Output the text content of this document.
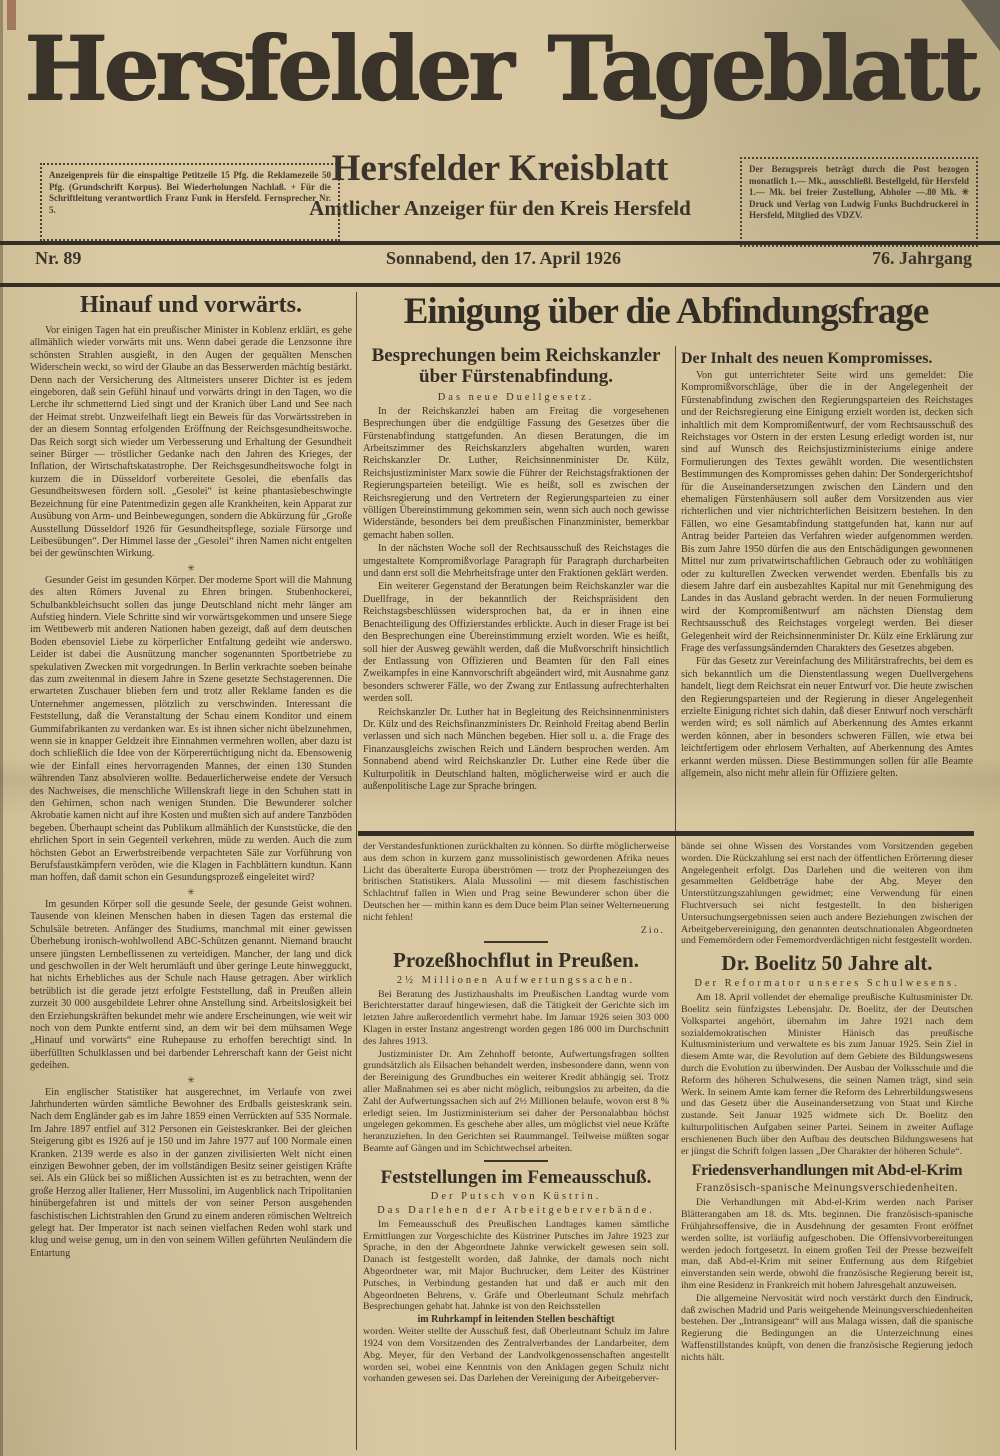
Hersfelder Tageblatt
Anzeigenpreis für die einspaltige Petitzeile 15 Pfg. die Reklamezeile 50 Pfg. (Grundschrift Korpus). Bei Wiederholungen Nachlaß. + Für die Schriftleitung verantwortlich Franz Funk in Hersfeld. Fernsprecher Nr. 5.
Der Bezugspreis beträgt durch die Post bezogen monatlich 1.— Mk., ausschließl. Bestellgeld, für Hersfeld 1.— Mk. bei freier Zustellung, Abholer —.80 Mk. ✳ Druck und Verlag von Ludwig Funks Buchdruckerei in Hersfeld, Mitglied des VDZV.
Hersfelder Kreisblatt
Amtlicher Anzeiger für den Kreis Hersfeld
Nr. 89	Sonnabend, den 17. April 1926	76. Jahrgang
Hinauf und vorwärts.

Vor einigen Tagen hat ein preußischer Minister in Koblenz erklärt, es gehe allmählich wieder vorwärts mit uns. Wenn dabei gerade die Lenzsonne ihre schönsten Strahlen ausgießt, in den Augen der gequälten Menschen Widerschein weckt, so wird der Glaube an das Besserwerden mächtig bestärkt. Denn nach der Versicherung des Altmeisters unserer Dichter ist es jedem eingeboren, daß sein Gefühl hinauf und vorwärts dringt in den Tagen, wo die Lerche ihr schmetternd Lied singt und der Kranich über Land und See nach der Heimat strebt. Unzweifelhaft liegt ein Beweis für das Vorwärtsstreben in der an diesem Sonntag erfolgenden Eröffnung der Reichsgesundheitswoche. Das Reich sorgt sich wieder um Verbesserung und Erhaltung der Gesundheit seiner Bürger — tröstlicher Gedanke nach den Jahren des Krieges, der Inflation, der Wirtschaftskatastrophe. Der Reichsgesundheitswoche folgt in kurzem die in Düsseldorf vorbereitete Gesolei, die ebenfalls das Gesundheitswesen fördern soll. „Gesolei“ ist keine phantasiebeschwingte Bezeichnung für eine Patentmedizin gegen alle Krankheiten, kein Apparat zur Ausübung von Arm- und Beinbewegungen, sondern die Abkürzung für „Große Ausstellung Düsseldorf 1926 für Gesundheitspflege, soziale Fürsorge und Leibesübungen“. Der Himmel lasse der „Gesolei“ ihren Namen nicht entgelten bei der gewünschten Wirkung.

✳

Gesunder Geist im gesunden Körper. Der moderne Sport will die Mahnung des alten Römers Juvenal zu Ehren bringen. Stubenhockerei, Schulbankbleichsucht sollen das junge Deutschland nicht mehr länger am Aufstieg hindern. Viele Schritte sind wir vorwärtsgekommen und unsere Siege im Wettbewerb mit anderen Nationen haben gezeigt, daß auf dem deutschen Boden ebensoviel Liebe zu körperlicher Entfaltung gedeiht wie anderswo. Leider ist dabei die Ausnützung mancher sogenannten Sportbetriebe zu spekulativen Zwecken mit vorgedrungen. In Berlin verkrachte soeben beinahe das zum zweitenmal in diesem Jahre in Szene gesetzte Sechstagerennen. Die erwarteten Zuschauer blieben fern und trotz aller Reklame fanden es die Unternehmer angemessen, plötzlich zu verschwinden. Interessant die Feststellung, daß die Veranstaltung der Schau einem Konditor und einem Gummifabrikanten zu verdanken war. Es ist ihnen sicher nicht übelzunehmen, wenn sie in knapper Geldzeit ihre Einnahmen vermehren wollen, aber dazu ist doch schließlich die Idee von der Körperertüchtigung nicht da. Ebensowenig wie der Einfall eines hervorragenden Mannes, der einen 130 Stunden währenden Tanz absolvieren wollte. Bedauerlicherweise endete der Versuch des Nachweises, die menschliche Willenskraft liege in den Schuhen statt in den Gehirnen, schon nach wenigen Stunden. Die Bewunderer solcher Akrobatie kamen nicht auf ihre Kosten und mußten sich auf andere Tanzböden begeben. Überhaupt scheint das Publikum allmählich der Kunststücke, die den ehrlichen Sport in sein Gegenteil verkehren, müde zu werden. Auch die zum höchsten Gebot an Erwerbstreibende verpachteten Säle zur Vorführung von Berufsfaustkämpfern veröden, wie die Klagen in Fachblättern kundtun. Kann man hoffen, daß damit schon ein Gesundungsprozeß eingeleitet wird?

✳

Im gesunden Körper soll die gesunde Seele, der gesunde Geist wohnen. Tausende von kleinen Menschen haben in diesen Tagen das erstemal die Schulsäle betreten. Anfänger des Studiums, manchmal mit einer gewissen Überhebung ironisch-wohlwollend ABC-Schützen genannt. Niemand braucht unsere jüngsten Lernbeflissenen zu verteidigen. Mancher, der lang und dick und geschwollen in der Welt herumläuft und über geringe Leute hinwegguckt, hat nichts Erhebliches aus der Schule nach Hause getragen. Aber wirklich betrüblich ist die gerade jetzt erfolgte Feststellung, daß in Preußen allein zurzeit 30 000 ausgebildete Lehrer ohne Anstellung sind. Arbeitslosigkeit bei den Erziehungskräften bekundet mehr wie andere Erscheinungen, wie weit wir noch von dem Punkte entfernt sind, an dem wir bei dem mühsamen Wege „Hinauf und vorwärts“ eine Ruhepause zu erhoffen berechtigt sind. In überfüllten Schulklassen und bei darbender Lehrerschaft kann der Geist nicht gedeihen.

✳

Ein englischer Statistiker hat ausgerechnet, im Verlaufe von zwei Jahrhunderten würden sämtliche Bewohner des Erdballs geisteskrank sein. Nach dem Engländer gab es im Jahre 1859 einen Verrückten auf 535 Normale. Im Jahre 1897 entfiel auf 312 Personen ein Geisteskranker. Bei der gleichen Steigerung gibt es 1926 auf je 150 und im Jahre 1977 auf 100 Normale einen Kranken. 2139 werde es also in der ganzen zivilisierten Welt nicht einen einzigen Bewohner geben, der im vollständigen Besitz seiner geistigen Kräfte sei. Als ein Glück bei so mißlichen Aussichten ist es zu betrachten, wenn der große Herzog aller Italiener, Herr Mussolini, im Augenblick nach Tripolitanien hinübergefahren ist und mittels der von seiner Person ausgehenden faschistischen Lichtstrahlen den Grund zu einem anderen römischen Weltreich gelegt hat. Der Imperator ist nach seinen vielfachen Reden wohl stark und klug und weise genug, um in den von seinem Willen geführten Neuländern die Entartung

Einigung über die Abfindungsfrage
Besprechungen beim Reichskanzler über Fürstenabfindung.
Das neue Duellgesetz.

In der Reichskanzlei haben am Freitag die vorgesehenen Besprechungen über die endgültige Fassung des Gesetzes über die Fürstenabfindung stattgefunden. An diesen Beratungen, die im Arbeitszimmer des Reichskanzlers abgehalten wurden, waren Reichskanzler Dr. Luther, Reichsinnenminister Dr. Külz, Reichsjustizminister Marx sowie die Führer der Reichstagsfraktionen der Regierungsparteien beteiligt. Wie es heißt, soll es zwischen der Reichsregierung und den Vertretern der Regierungsparteien zu einer völligen Übereinstimmung gekommen sein, wenn sich auch noch gewisse Widerstände, besonders bei dem preußischen Finanzminister, bemerkbar gemacht haben sollen.

In der nächsten Woche soll der Rechtsausschuß des Reichstages die umgestaltete Kompromißvorlage Paragraph für Paragraph durcharbeiten und dann erst soll die Mehrheitsfrage unter den Fraktionen geklärt werden.

Ein weiterer Gegenstand der Beratungen beim Reichskanzler war die Duellfrage, in der bekanntlich der Reichspräsident den Reichstagsbeschlüssen widersprochen hat, da er in ihnen eine Benachteiligung des Offizierstandes erblickte. Auch in dieser Frage ist bei den Besprechungen eine Übereinstimmung erzielt worden. Wie es heißt, soll hier der Ausweg gewählt werden, daß die Mußvorschrift hinsichtlich der Entlassung von Offizieren und Beamten für den Fall eines Zweikampfes in eine Kannvorschrift abgeändert wird, mit Ausnahme ganz besonders schwerer Fälle, wo der Zwang zur Entlassung aufrechterhalten werden soll.

Reichskanzler Dr. Luther hat in Begleitung des Reichsinnenministers Dr. Külz und des Reichsfinanzministers Dr. Reinhold Freitag abend Berlin verlassen und sich nach München begeben. Hier soll u. a. die Frage des Finanzausgleichs zwischen Reich und Ländern besprochen werden. Am Sonnabend abend wird Reichskanzler Dr. Luther eine Rede über die Kulturpolitik in Deutschland halten, möglicherweise wird er auch die außenpolitische Lage zur Sprache bringen.

Der Inhalt des neuen Kompromisses.

Von gut unterrichteter Seite wird uns gemeldet: Die Kompromißvorschläge, über die in der Angelegenheit der Fürstenabfindung zwischen den Regierungsparteien des Reichstages und der Reichsregierung eine Einigung erzielt worden ist, decken sich inhaltlich mit dem Kompromißentwurf, der vom Rechtsausschuß des Reichstages vor Ostern in der ersten Lesung erledigt worden ist, nur sind auf Wunsch des Reichsjustizministeriums einige andere Formulierungen des Textes gewählt worden. Die wesentlichsten Bestimmungen des Kompromisses gehen dahin: Der Sondergerichtshof für die Auseinandersetzungen zwischen den Ländern und den ehemaligen Fürstenhäusern soll außer dem Vorsitzenden aus vier richterlichen und vier nichtrichterlichen Beisitzern bestehen. In den Fällen, wo eine Gesamtabfindung stattgefunden hat, kann nur auf Antrag beider Parteien das Verfahren wieder aufgenommen werden. Bis zum Jahre 1950 dürfen die aus den Entschädigungen gewonnenen Mittel nur zum privatwirtschaftlichen Gebrauch oder zu wohltätigen oder zu kulturellen Zwecken verwendet werden. Ebenfalls bis zu diesem Jahre darf ein ausbezahltes Kapital nur mit Genehmigung des Landes in das Ausland gebracht werden. In der neuen Formulierung wird der Kompromißentwurf am nächsten Dienstag dem Rechtsausschuß des Reichstages vorgelegt werden. Bei dieser Gelegenheit wird der Reichsinnenminister Dr. Külz eine Erklärung zur Frage des verfassungsändernden Charakters des Gesetzes abgeben.

Für das Gesetz zur Vereinfachung des Militärstrafrechts, bei dem es sich bekanntlich um die Dienstentlassung wegen Duellvergehens handelt, liegt dem Reichsrat ein neuer Entwurf vor. Die heute zwischen den Regierungsparteien und der Regierung in dieser Angelegenheit erzielte Einigung richtet sich dahin, daß dieser Entwurf noch verschärft werden wird; es soll nämlich auf Aberkennung des Amtes erkannt werden können, aber in besonders schweren Fällen, wie etwa bei leichtfertigem oder ehrlosem Verhalten, auf Aberkennung des Amtes erkannt werden müssen. Diese Bestimmungen sollen für alle Beamte allgemein, also nicht mehr allein für Offiziere gelten.

der Verstandesfunktionen zurückhalten zu können. So dürfte möglicherweise aus dem schon in kurzem ganz mussolinistisch gewordenen Afrika neues Licht das überalterte Europa überströmen — trotz der Prophezeiungen des britischen Statistikers. Alala Mussolini — mit diesem faschistischen Schlachtruf fallen in Wien und Prag seine Bewunderer schon über die Deutschen her — mithin kann es dem Duce beim Plan seiner Welterneuerung nicht fehlen!

Zio.
Prozeßhochflut in Preußen.
2½ Millionen Aufwertungssachen.

Bei Beratung des Justizhaushalts im Preußischen Landtag wurde vom Berichterstatter darauf hingewiesen, daß die Tätigkeit der Gerichte sich im letzten Jahre außerordentlich vermehrt habe. Im Januar 1926 seien 303 000 Klagen in erster Instanz angestrengt worden gegen 186 000 im Durchschnitt des Jahres 1913.

Justizminister Dr. Am Zehnhoff betonte, Aufwertungsfragen sollten grundsätzlich als Eilsachen behandelt werden, insbesondere dann, wenn von der Bereinigung des Grundbuches ein weiterer Kredit abhängig sei. Trotz aller Maßnahmen sei es aber nicht möglich, reibungslos zu arbeiten, da die Zahl der Aufwertungssachen sich auf 2½ Millionen belaufe, wovon erst 8 % erledigt seien. Im Justizministerium sei daher der Personalabbau höchst ungelegen gekommen. Es geschehe aber alles, um möglichst viel neue Kräfte heranzuziehen. In den Gerichten sei Raummangel. Teilweise müßten sogar Beamte auf Gängen und im Schichtwechsel arbeiten.

Feststellungen im Femeausschuß.
Der Putsch von Küstrin.
Das Darlehen der Arbeitgeberverbände.

Im Femeausschuß des Preußischen Landtages kamen sämtliche Ermittlungen zur Vorgeschichte des Küstriner Putsches im Jahre 1923 zur Sprache, in den der Abgeordnete Jahnke verwickelt gewesen sein soll. Danach ist festgestellt worden, daß Jahnke, der damals noch nicht Abgeordneter war, mit Major Buchrucker, dem Leiter des Küstriner Putsches, in Verbindung gestanden hat und daß er auch mit den Abgeordneten Behrens, v. Gräfe und Oberleutnant Schulz mehrfach Besprechungen gehabt hat. Jahnke ist von den Reichsstellen

im Ruhrkampf in leitenden Stellen beschäftigt

worden. Weiter stellte der Ausschuß fest, daß Oberleutnant Schulz im Jahre 1924 von dem Vorsitzenden des Zentralverbandes der Landarbeiter, dem Abg. Meyer, für den Verband der Landvolkgenossenschaften angestellt worden sei, wobei eine Kenntnis von den Anklagen gegen Schulz nicht vorhanden gewesen sei. Das Darlehen der Vereinigung der Arbeitgeberver-

bände sei ohne Wissen des Vorstandes vom Vorsitzenden gegeben worden. Die Rückzahlung sei erst nach der öffentlichen Erörterung dieser Angelegenheit erfolgt. Das Darlehen und die weiteren von ihm gesammelten Geldbeträge habe der Abg. Meyer den Unterstützungszahlungen gewidmet; eine Verwendung für einen Fluchtversuch sei nicht festgestellt. In den bisherigen Untersuchungsergebnissen seien auch andere Beziehungen zwischen der Arbeitgebervereinigung, den genannten deutschnationalen Abgeordneten und Fememördern oder Fememordverdächtigen nicht festgestellt worden.

Dr. Boelitz 50 Jahre alt.
Der Reformator unseres Schulwesens.

Am 18. April vollendet der ehemalige preußische Kultusminister Dr. Boelitz sein fünfzigstes Lebensjahr. Dr. Boelitz, der der Deutschen Volkspartei angehört, übernahm im Jahre 1921 nach dem sozialdemokratischen Minister Hänisch das preußische Kultusministerium und verwaltete es bis zum Januar 1925. Sein Ziel in diesem Amte war, die Revolution auf dem Gebiete des Bildungswesens durch die Evolution zu überwinden. Der Ausbau der Volksschule und die Reform des höheren Schulwesens, die seinen Namen trägt, sind sein Werk. In seinem Amte kam ferner die Reform des Lehrerbildungswesens und das Gesetz über die Auseinandersetzung von Staat und Kirche zustande. Seit Januar 1925 widmete sich Dr. Boelitz den kulturpolitischen Aufgaben seiner Partei. Seinem in zweiter Auflage erschienenen Buch über den Aufbau des deutschen Bildungswesens hat er jüngst die Schrift folgen lassen „Der Charakter der höheren Schule“.

Friedensverhandlungen mit Abd-el-Krim
Französisch-spanische Meinungsverschiedenheiten.

Die Verhandlungen mit Abd-el-Krim werden nach Pariser Blätterangaben am 18. ds. Mts. beginnen. Die französisch-spanische Frühjahrsoffensive, die in Ausdehnung der gesamten Front eröffnet werden sollte, ist vorläufig aufgeschoben. Die Offensivvorbereitungen werden jedoch fortgesetzt. In einem großen Teil der Presse bezweifelt man, daß Abd-el-Krim mit seiner Entfernung aus dem Rifgebiet einverstanden sein werde, obwohl die französische Regierung bereit ist, ihm eine Residenz in Frankreich mit hohem Jahresgehalt anzuweisen.

Die allgemeine Nervosität wird noch verstärkt durch den Eindruck, daß zwischen Madrid und Paris weitgehende Meinungsverschiedenheiten bestehen. Der „Intransigeant“ will aus Malaga wissen, daß die spanische Regierung die Bedingungen an die Unterzeichnung eines Waffenstillstandes knüpft, von denen die französische Regierung jedoch nichts hält.
